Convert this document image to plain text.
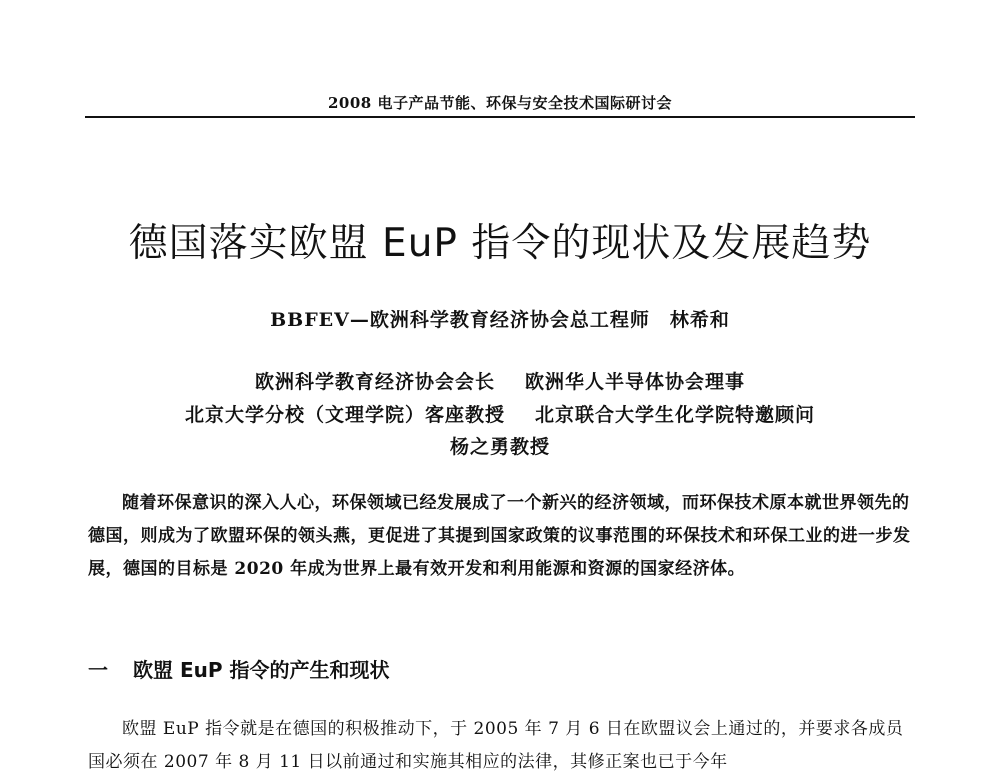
2008 电子产品节能、环保与安全技术国际研讨会
德国落实欧盟 EuP 指令的现状及发展趋势
BBFEV—欧洲科学教育经济协会总工程师　林希和
欧洲科学教育经济协会会长 欧洲华人半导体协会理事
北京大学分校（文理学院）客座教授 北京联合大学生化学院特邀顾问
杨之勇教授

随着环保意识的深入人心，环保领域已经发展成了一个新兴的经济领域，而环保技术原本就世界领先的德国，则成为了欧盟环保的领头燕，更促进了其提到国家政策的议事范围的环保技术和环保工业的进一步发展，德国的目标是 2020 年成为世界上最有效开发和利用能源和资源的国家经济体。

一 欧盟 EuP 指令的产生和现状

欧盟 EuP 指令就是在德国的积极推动下，于 2005 年 7 月 6 日在欧盟议会上通过的，并要求各成员国必须在 2007 年 8 月 11 日以前通过和实施其相应的法律，其修正案也已于今年
